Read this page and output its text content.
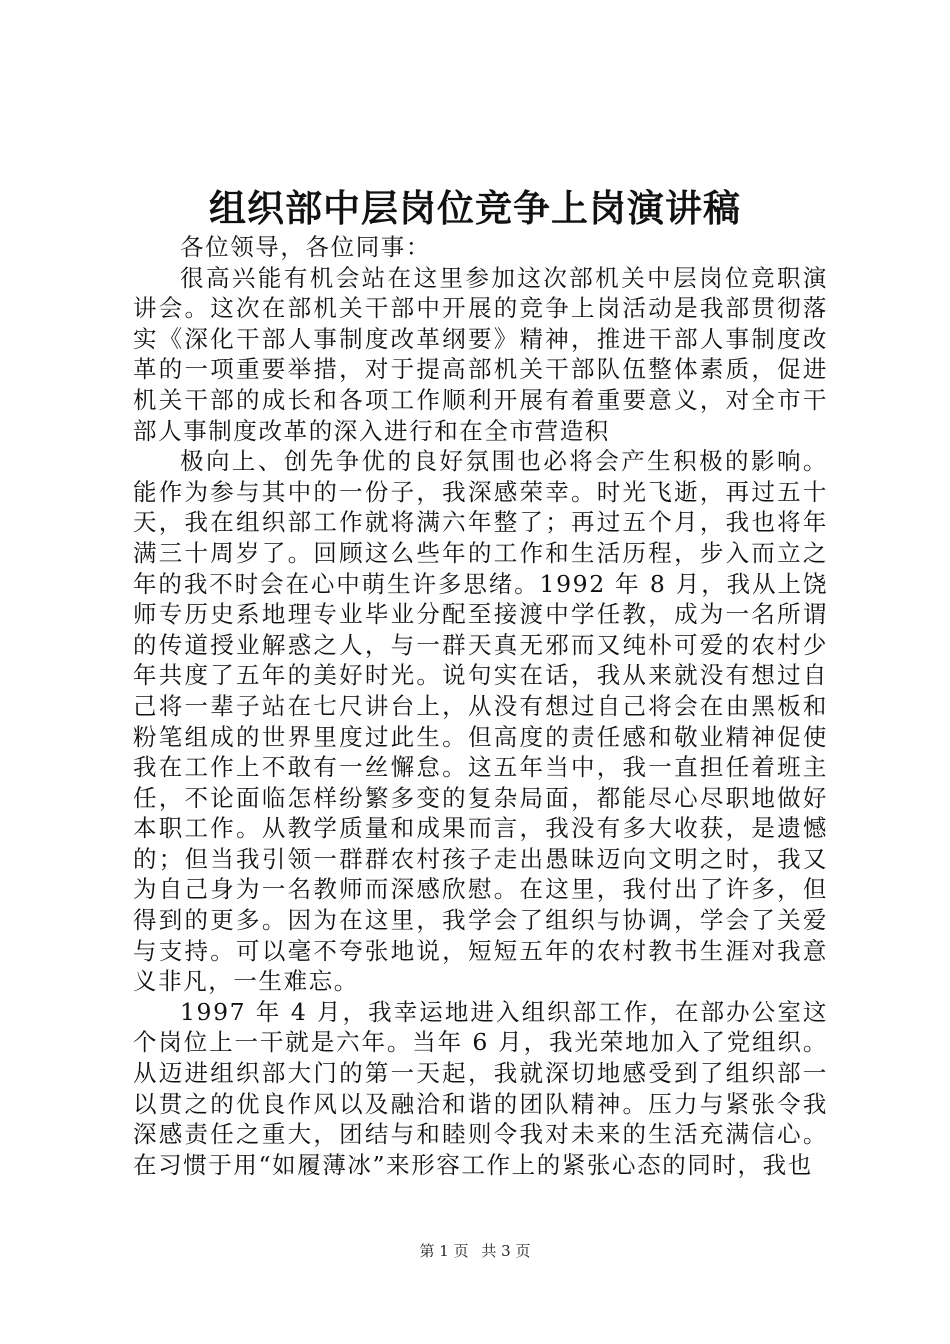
组织部中层岗位竞争上岗演讲稿

各位领导，各位同事：

很高兴能有机会站在这里参加这次部机关中层岗位竞职演讲会。这次在部机关干部中开展的竞争上岗活动是我部贯彻落实《深化干部人事制度改革纲要》精神，推进干部人事制度改革的一项重要举措，对于提高部机关干部队伍整体素质，促进机关干部的成长和各项工作顺利开展有着重要意义，对全市干部人事制度改革的深入进行和在全市营造积

极向上、创先争优的良好氛围也必将会产生积极的影响。能作为参与其中的一份子，我深感荣幸。时光飞逝，再过五十天，我在组织部工作就将满六年整了；再过五个月，我也将年满三十周岁了。回顾这么些年的工作和生活历程，步入而立之年的我不时会在心中萌生许多思绪。1992 年 8 月，我从上饶师专历史系地理专业毕业分配至接渡中学任教，成为一名所谓的传道授业解惑之人，与一群天真无邪而又纯朴可爱的农村少年共度了五年的美好时光。说句实在话，我从来就没有想过自己将一辈子站在七尺讲台上，从没有想过自己将会在由黑板和粉笔组成的世界里度过此生。但高度的责任感和敬业精神促使我在工作上不敢有一丝懈怠。这五年当中，我一直担任着班主任，不论面临怎样纷繁多变的复杂局面，都能尽心尽职地做好本职工作。从教学质量和成果而言，我没有多大收获，是遗憾的；但当我引领一群群农村孩子走出愚昧迈向文明之时，我又为自己身为一名教师而深感欣慰。在这里，我付出了许多，但得到的更多。因为在这里，我学会了组织与协调，学会了关爱与支持。可以毫不夸张地说，短短五年的农村教书生涯对我意义非凡，一生难忘。

1997 年 4 月，我幸运地进入组织部工作，在部办公室这个岗位上一干就是六年。当年 6 月，我光荣地加入了党组织。从迈进组织部大门的第一天起，我就深切地感受到了组织部一以贯之的优良作风以及融洽和谐的团队精神。压力与紧张令我深感责任之重大，团结与和睦则令我对未来的生活充满信心。在习惯于用“如履薄冰”来形容工作上的紧张心态的同时，我也

第 1 页 共 3 页
